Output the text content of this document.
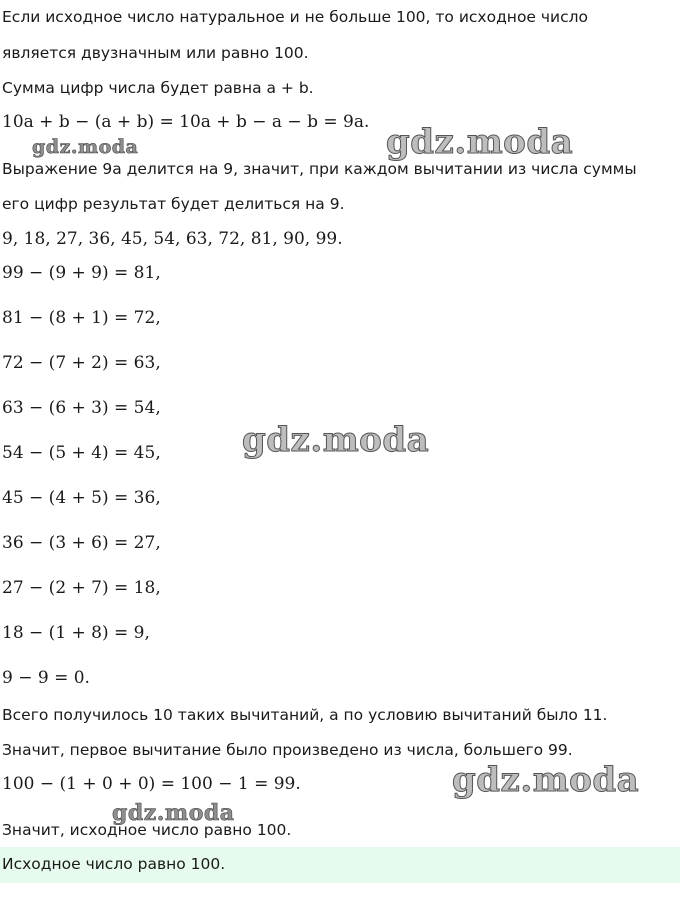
Если исходное число натуральное и не больше 100, то исходное число
является двузначным или равно 100.
Сумма цифр числа будет равна a + b.
10a + b − (a + b) = 10a + b − a − b = 9a.
Выражение 9a делится на 9, значит, при каждом вычитании из числа суммы
его цифр результат будет делиться на 9.
9, 18, 27, 36, 45, 54, 63, 72, 81, 90, 99.
99 − (9 + 9) = 81,
81 − (8 + 1) = 72,
72 − (7 + 2) = 63,
63 − (6 + 3) = 54,
54 − (5 + 4) = 45,
45 − (4 + 5) = 36,
36 − (3 + 6) = 27,
27 − (2 + 7) = 18,
18 − (1 + 8) = 9,
9 − 9 = 0.
Всего получилось 10 таких вычитаний, а по условию вычитаний было 11.
Значит, первое вычитание было произведено из числа, большего 99.
100 − (1 + 0 + 0) = 100 − 1 = 99.
Значит, исходное число равно 100.
Исходное число равно 100.
gdz.moda
gdz.moda
gdz.moda
gdz.moda
gdz.moda
